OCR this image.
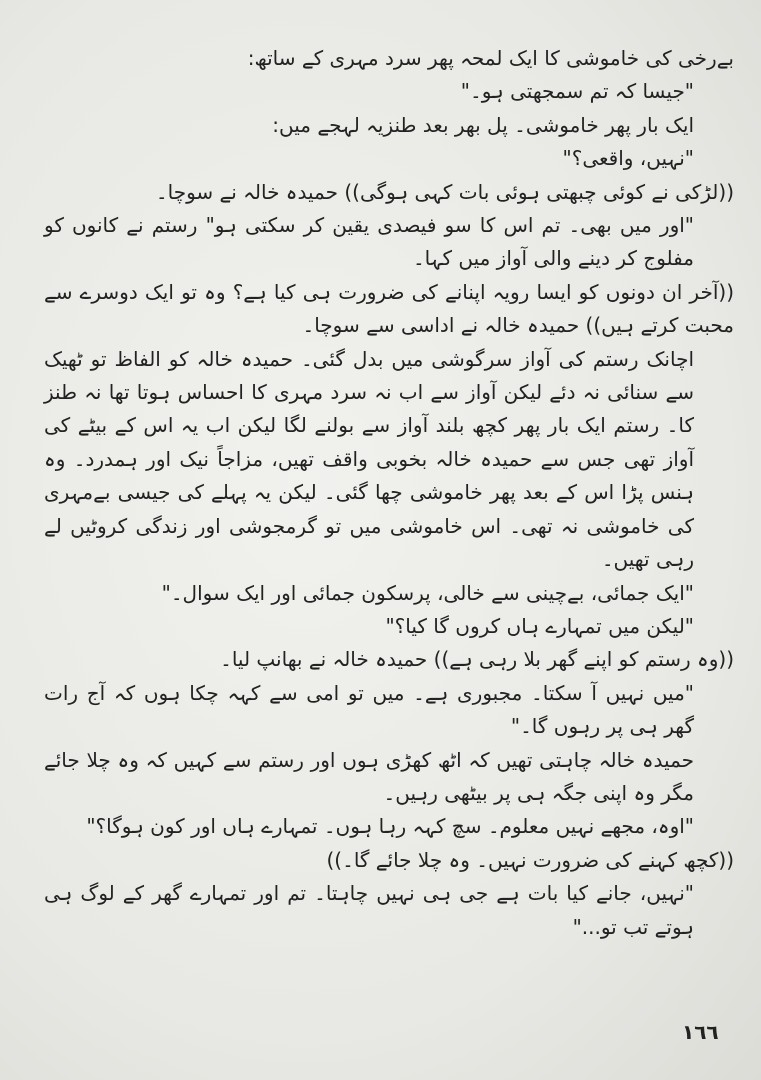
بےرخی کی خاموشی کا ایک لمحہ پھر سرد مہری کے ساتھ:

"جیسا کہ تم سمجھتی ہو۔"

ایک بار پھر خاموشی۔ پل بھر بعد طنزیہ لہجے میں:

"نہیں، واقعی؟"

((لڑکی نے کوئی چبھتی ہوئی بات کہی ہوگی)) حمیدہ خالہ نے سوچا۔

"اور میں بھی۔ تم اس کا سو فیصدی یقین کر سکتی ہو" رستم نے کانوں کو مفلوج کر دینے والی آواز میں کہا۔

((آخر ان دونوں کو ایسا رویہ اپنانے کی ضرورت ہی کیا ہے؟ وہ تو ایک دوسرے سے محبت کرتے ہیں)) حمیدہ خالہ نے اداسی سے سوچا۔

اچانک رستم کی آواز سرگوشی میں بدل گئی۔ حمیدہ خالہ کو الفاظ تو ٹھیک سے سنائی نہ دئے لیکن آواز سے اب نہ سرد مہری کا احساس ہوتا تھا نہ طنز کا۔ رستم ایک بار پھر کچھ بلند آواز سے بولنے لگا لیکن اب یہ اس کے بیٹے کی آواز تھی جس سے حمیدہ خالہ بخوبی واقف تھیں، مزاجاً نیک اور ہمدرد۔ وہ ہنس پڑا اس کے بعد پھر خاموشی چھا گئی۔ لیکن یہ پہلے کی جیسی بےمہری کی خاموشی نہ تھی۔ اس خاموشی میں تو گرمجوشی اور زندگی کروٹیں لے رہی تھیں۔

"ایک جمائی، بےچینی سے خالی، پرسکون جمائی اور ایک سوال۔"

"لیکن میں تمہارے ہاں کروں گا کیا؟"

((وہ رستم کو اپنے گھر بلا رہی ہے)) حمیدہ خالہ نے بھانپ لیا۔

"میں نہیں آ سکتا۔ مجبوری ہے۔ میں تو امی سے کہہ چکا ہوں کہ آج رات گھر ہی پر رہوں گا۔"

حمیدہ خالہ چاہتی تھیں کہ اٹھ کھڑی ہوں اور رستم سے کہیں کہ وہ چلا جائے مگر وہ اپنی جگہ ہی پر بیٹھی رہیں۔

"اوہ، مجھے نہیں معلوم۔ سچ کہہ رہا ہوں۔ تمہارے ہاں اور کون ہوگا؟"

((کچھ کہنے کی ضرورت نہیں۔ وہ چلا جائے گا۔))

"نہیں، جانے کیا بات ہے جی ہی نہیں چاہتا۔ تم اور تمہارے گھر کے لوگ ہی ہوتے تب تو..."

١٦٦
